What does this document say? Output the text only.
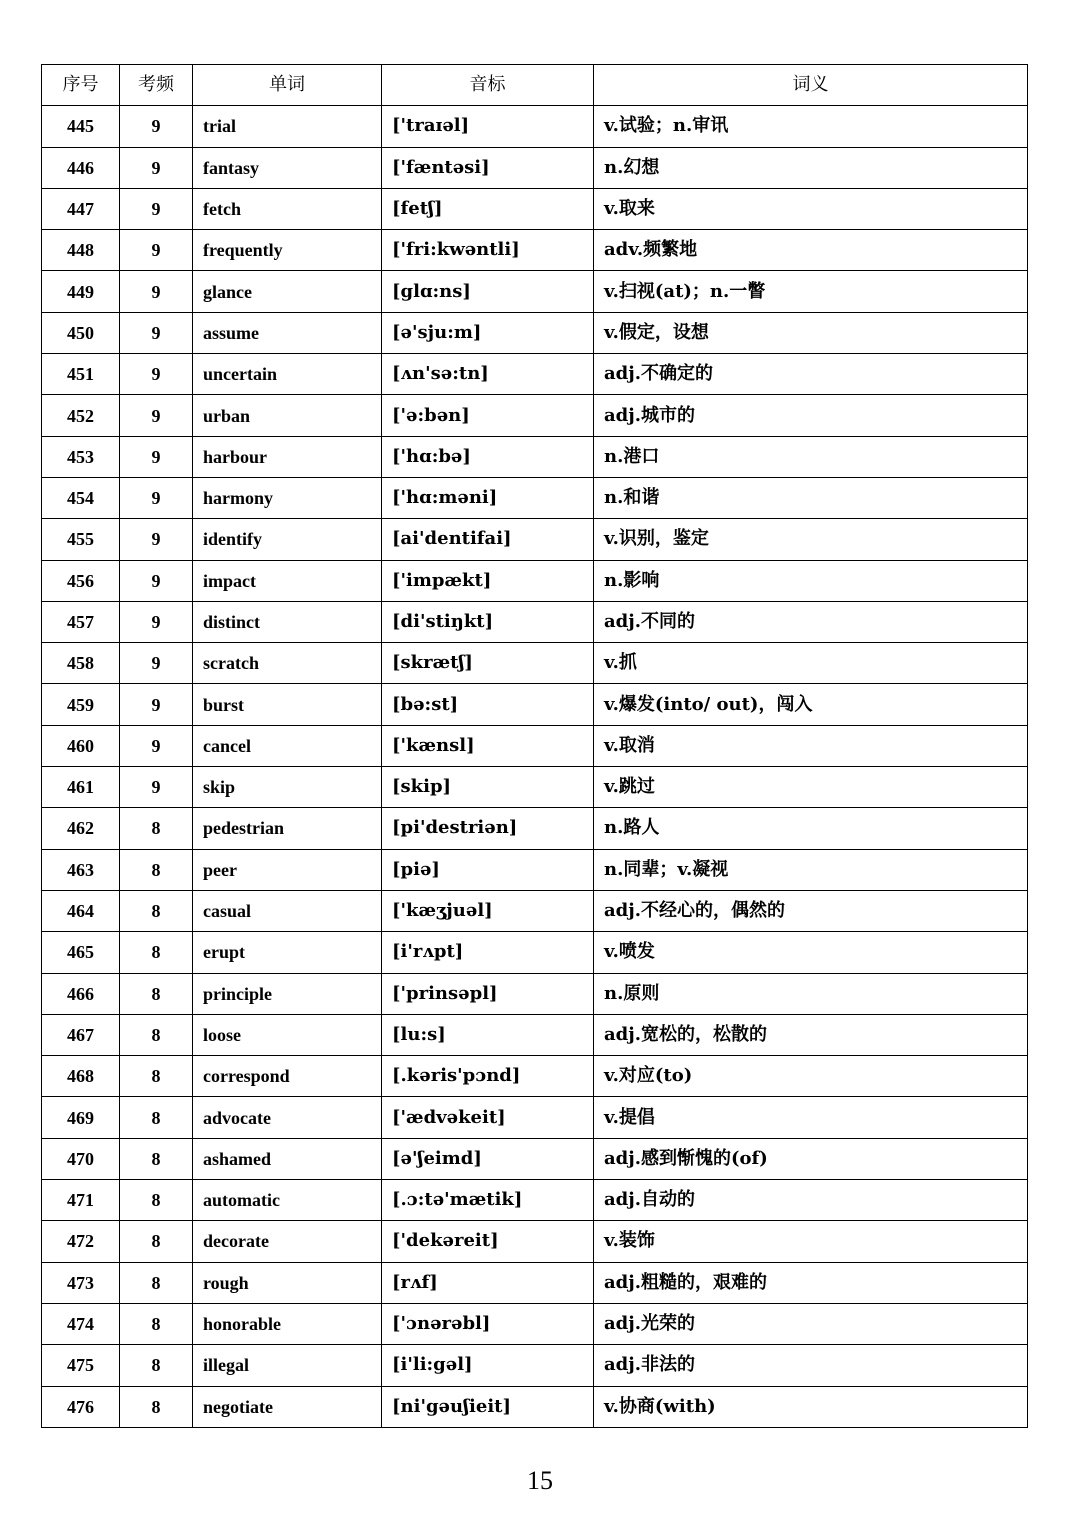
序号	考频	单词	音标	词义
445	9	trial	['traɪəl]	v.试验；n.审讯
446	9	fantasy	['fæntəsi]	n.幻想
447	9	fetch	[fetʃ]	v.取来
448	9	frequently	['fri:kwəntli]	adv.频繁地
449	9	glance	[glɑ:ns]	v.扫视(at)；n.一瞥
450	9	assume	[ə'sju:m]	v.假定，设想
451	9	uncertain	[ʌn'sə:tn]	adj.不确定的
452	9	urban	['ə:bən]	adj.城市的
453	9	harbour	['hɑ:bə]	n.港口
454	9	harmony	['hɑ:məni]	n.和谐
455	9	identify	[ai'dentifai]	v.识别，鉴定
456	9	impact	['impækt]	n.影响
457	9	distinct	[di'stiŋkt]	adj.不同的
458	9	scratch	[skrætʃ]	v.抓
459	9	burst	[bə:st]	v.爆发(into/ out)，闯入
460	9	cancel	['kænsl]	v.取消
461	9	skip	[skip]	v.跳过
462	8	pedestrian	[pi'destriən]	n.路人
463	8	peer	[piə]	n.同辈；v.凝视
464	8	casual	['kæʒjuəl]	adj.不经心的，偶然的
465	8	erupt	[i'rʌpt]	v.喷发
466	8	principle	['prinsəpl]	n.原则
467	8	loose	[lu:s]	adj.宽松的，松散的
468	8	correspond	[.kəris'pɔnd]	v.对应(to)
469	8	advocate	['ædvəkeit]	v.提倡
470	8	ashamed	[ə'ʃeimd]	adj.感到惭愧的(of)
471	8	automatic	[.ɔ:tə'mætik]	adj.自动的
472	8	decorate	['dekəreit]	v.装饰
473	8	rough	[rʌf]	adj.粗糙的，艰难的
474	8	honorable	['ɔnərəbl]	adj.光荣的
475	8	illegal	[i'li:gəl]	adj.非法的
476	8	negotiate	[ni'gəuʃieit]	v.协商(with)
15
